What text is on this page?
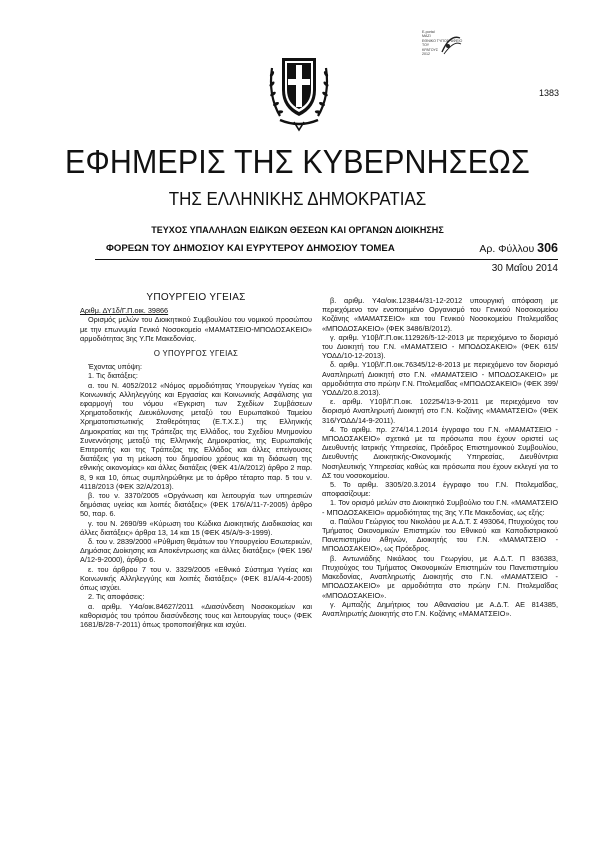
E-portal
ΜΑΖΙ
ΕΘΝΙΚΟ ΤΥΠΟΓΡΑΦΕΙΟ
ΤΟΥ
ΚΡΑΤΟΥΣ
2012
1383
ΕΦΗΜΕΡΙΣ ΤΗΣ ΚΥΒΕΡΝΗΣΕΩΣ
ΤΗΣ ΕΛΛΗΝΙΚΗΣ ΔΗΜΟΚΡΑΤΙΑΣ
ΤΕΥΧΟΣ ΥΠΑΛΛΗΛΩΝ ΕΙΔΙΚΩΝ ΘΕΣΕΩΝ ΚΑΙ ΟΡΓΑΝΩΝ ΔΙΟΙΚΗΣΗΣ
ΦΟΡΕΩΝ ΤΟΥ ΔΗΜΟΣΙΟΥ ΚΑΙ ΕΥΡΥΤΕΡΟΥ ΔΗΜΟΣΙΟΥ ΤΟΜΕΑ	Αρ. Φύλλου 306
30 Μαΐου 2014

ΥΠΟΥΡΓΕΙΟ ΥΓΕΙΑΣ

Αριθμ. ΔΥ1δ/Γ.Π.οικ. 39866

Ορισμός μελών του Διοικητικού Συμβουλίου του νομικού προσώπου με την επωνυμία Γενικό Νοσοκομείο «ΜΑΜΑΤΣΕΙΟ-ΜΠΟΔΟΣΑΚΕΙΟ» αρμοδιότητας 3ης Υ.Πε Μακεδονίας.

Ο ΥΠΟΥΡΓΟΣ ΥΓΕΙΑΣ

Έχοντας υπόψη:

1. Τις διατάξεις:

α. του Ν. 4052/2012 «Νόμος αρμοδιότητας Υπουργείων Υγείας και Κοινωνικής Αλληλεγγύης και Εργασίας και Κοινωνικής Ασφάλισης για εφαρμογή του νόμου «Έγκριση των Σχεδίων Συμβάσεων Χρηματοδοτικής Διευκόλυνσης μεταξύ του Ευρωπαϊκού Ταμείου Χρηματοπιστωτικής Σταθερότητας (Ε.Τ.Χ.Σ.) της Ελληνικής Δημοκρατίας και της Τράπεζας της Ελλάδος, του Σχεδίου Μνημονίου Συνεννόησης μεταξύ της Ελληνικής Δημοκρατίας, της Ευρωπαϊκής Επιτροπής και της Τράπεζας της Ελλάδος και άλλες επείγουσες διατάξεις για τη μείωση του δημοσίου χρέους και τη διάσωση της εθνικής οικονομίας» και άλλες διατάξεις (ΦΕΚ 41/Α/2012) άρθρο 2 παρ. 8, 9 και 10, όπως συμπληρώθηκε με το άρθρο τέταρτο παρ. 5 του ν. 4118/2013 (ΦΕΚ 32/Α/2013).

β. του ν. 3370/2005 «Οργάνωση και λειτουργία των υπηρεσιών δημόσιας υγείας και λοιπές διατάξεις» (ΦΕΚ 176/Α/11-7-2005) άρθρο 50, παρ. 6.

γ. του Ν. 2690/99 «Κύρωση του Κώδικα Διοικητικής Διαδικασίας και άλλες διατάξεις» άρθρα 13, 14 και 15 (ΦΕΚ 45/Α/9-3-1999).

δ. του ν. 2839/2000 «Ρύθμιση θεμάτων του Υπουργείου Εσωτερικών, Δημόσιας Διοίκησης και Αποκέντρωσης και άλλες διατάξεις» (ΦΕΚ 196/Α/12-9-2000), άρθρο 6.

ε. του άρθρου 7 του ν. 3329/2005 «Εθνικό Σύστημα Υγείας και Κοινωνικής Αλληλεγγύης και λοιπές διατάξεις» (ΦΕΚ 81/Α/4-4-2005) όπως ισχύει.

2. Τις αποφάσεις:

α. αριθμ. Υ4α/οικ.84627/2011 «Διασύνδεση Νοσοκομείων και καθορισμός του τρόπου διασύνδεσης τους και λειτουργίας τους» (ΦΕΚ 1681/Β/28-7-2011) όπως τροποποιήθηκε και ισχύει.

β. αριθμ. Υ4α/οικ.123844/31-12-2012 υπουργική απόφαση με περιεχόμενο τον ενοποιημένο Οργανισμό του Γενικού Νοσοκομείου Κοζάνης «ΜΑΜΑΤΣΕΙΟ» και του Γενικού Νοσοκομείου Πτολεμαΐδας «ΜΠΟΔΟΣΑΚΕΙΟ» (ΦΕΚ 3486/Β/2012).

γ. αριθμ. Υ10β/Γ.Π.οικ.112926/5-12-2013 με περιεχόμενο το διορισμό του Διοικητή του Γ.Ν. «ΜΑΜΑΤΣΕΙΟ - ΜΠΟΔΟΣΑΚΕΙΟ» (ΦΕΚ 615/ΥΟΔΔ/10-12-2013).

δ. αριθμ. Υ10β/Γ.Π.οικ.76345/12-8-2013 με περιεχόμενο τον διορισμό Αναπληρωτή Διοικητή στο Γ.Ν. «ΜΑΜΑΤΣΕΙΟ - ΜΠΟΔΟΣΑΚΕΙΟ» με αρμοδιότητα στο πρώην Γ.Ν. Πτολεμαΐδας «ΜΠΟΔΟΣΑΚΕΙΟ» (ΦΕΚ 399/ΥΟΔΔ/20.8.2013).

ε. αριθμ. Υ10β/Γ.Π.οικ. 102254/13-9-2011 με περιεχόμενο τον διορισμό Αναπληρωτή Διοικητή στο Γ.Ν. Κοζάνης «ΜΑΜΑΤΣΕΙΟ» (ΦΕΚ 316/ΥΟΔΔ/14-9-2011).

4. Το αριθμ. πρ. 274/14.1.2014 έγγραφο του Γ.Ν. «ΜΑΜΑΤΣΕΙΟ - ΜΠΟΔΟΣΑΚΕΙΟ» σχετικά με τα πρόσωπα που έχουν οριστεί ως Διευθυντής Ιατρικής Υπηρεσίας, Πρόεδρος Επιστημονικού Συμβουλίου, Διευθυντής Διοικητικής-Οικονομικής Υπηρεσίας, Διευθύντρια Νοσηλευτικής Υπηρεσίας καθώς και πρόσωπα που έχουν εκλεγεί για το ΔΣ του νοσοκομείου.

5. Το αριθμ. 3305/20.3.2014 έγγραφο του Γ.Ν. Πτολεμαΐδας, αποφασίζουμε:

1. Τον ορισμό μελών στο Διοικητικό Συμβούλιο του Γ.Ν. «ΜΑΜΑΤΣΕΙΟ - ΜΠΟΔΟΣΑΚΕΙΟ» αρμοδιότητας της 3ης Υ.Πε Μακεδονίας, ως εξής:

α. Παύλου Γεώργιος του Νικολάου με Α.Δ.Τ. Σ 493064, Πτυχιούχος του Τμήματος Οικονομικών Επιστημών του Εθνικού και Καποδιστριακού Πανεπιστημίου Αθηνών, Διοικητής του Γ.Ν. «ΜΑΜΑΤΣΕΙΟ - ΜΠΟΔΟΣΑΚΕΙΟ», ως Πρόεδρος.

β. Αντωνιάδης Νικόλαος του Γεωργίου, με Α.Δ.Τ. Π 836383, Πτυχιούχος του Τμήματος Οικονομικών Επιστημών του Πανεπιστημίου Μακεδονίας, Αναπληρωτής Διοικητής στο Γ.Ν. «ΜΑΜΑΤΣΕΙΟ - ΜΠΟΔΟΣΑΚΕΙΟ» με αρμοδιότητα στο πρώην Γ.Ν. Πτολεμαΐδας «ΜΠΟΔΟΣΑΚΕΙΟ».

γ. Αμπαζής Δημήτριος του Αθανασίου με Α.Δ.Τ. ΑΕ 814385, Αναπληρωτής Διοικητής στο Γ.Ν. Κοζάνης «ΜΑΜΑΤΣΕΙΟ».
